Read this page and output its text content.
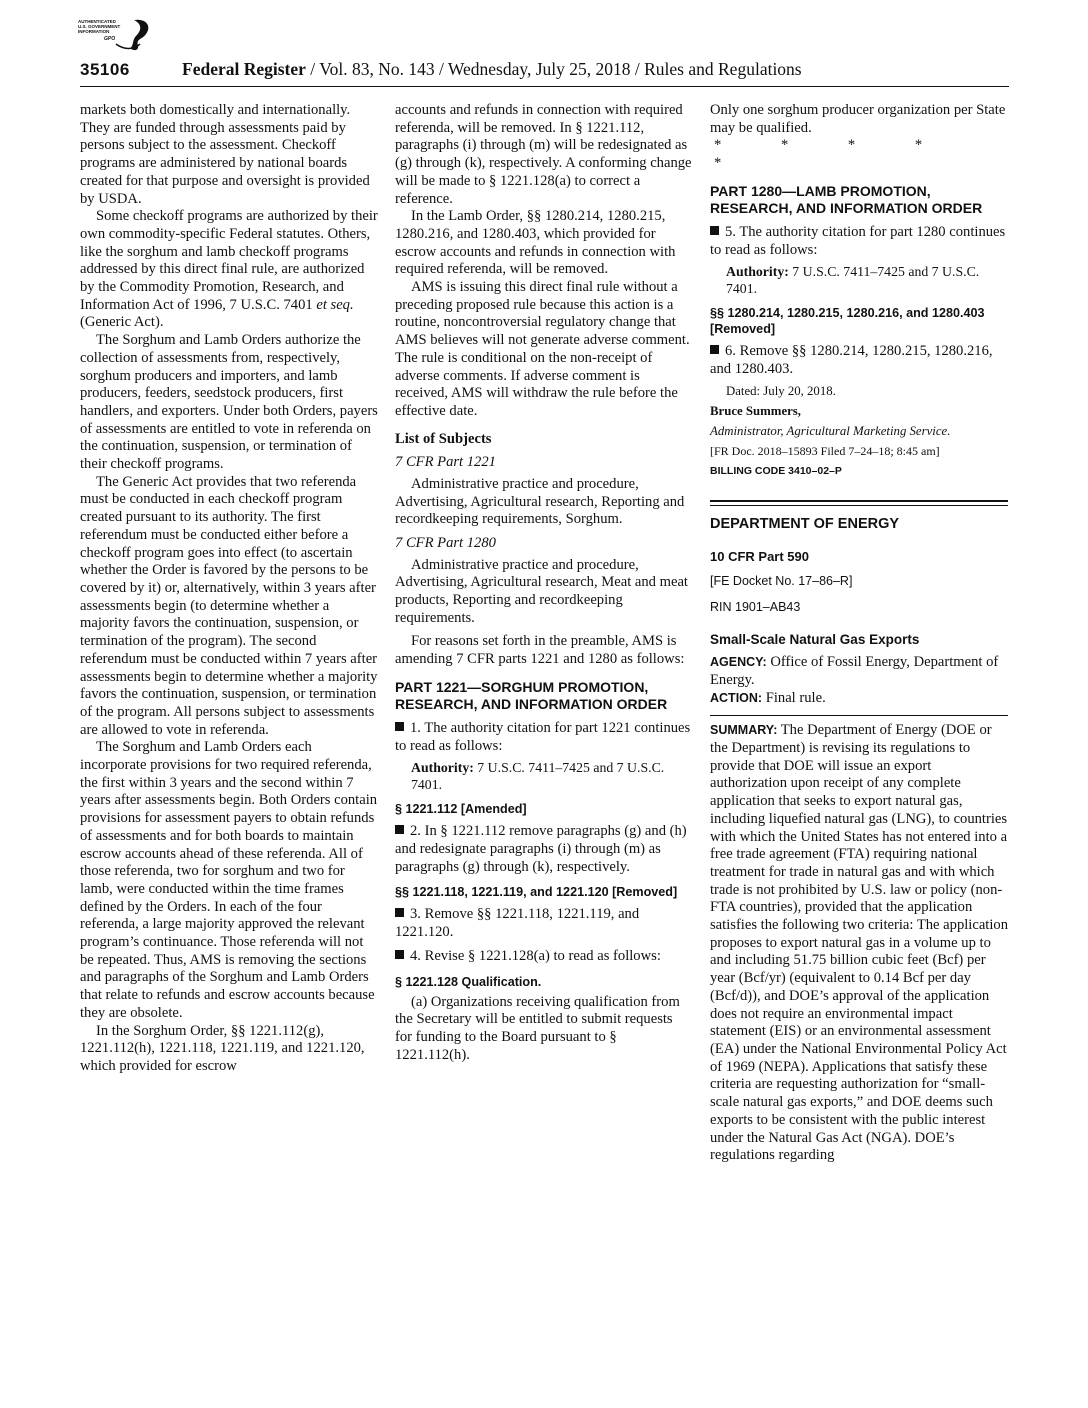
AUTHENTICATED
U.S. GOVERNMENT
INFORMATION
GPO
35106	Federal Register / Vol. 83, No. 143 / Wednesday, July 25, 2018 / Rules and Regulations

markets both domestically and internationally. They are funded through assessments paid by persons subject to the assessment. Checkoff programs are administered by national boards created for that purpose and oversight is provided by USDA.

Some checkoff programs are authorized by their own commodity-specific Federal statutes. Others, like the sorghum and lamb checkoff programs addressed by this direct final rule, are authorized by the Commodity Promotion, Research, and Information Act of 1996, 7 U.S.C. 7401 et seq. (Generic Act).

The Sorghum and Lamb Orders authorize the collection of assessments from, respectively, sorghum producers and importers, and lamb producers, feeders, seedstock producers, first handlers, and exporters. Under both Orders, payers of assessments are entitled to vote in referenda on the continuation, suspension, or termination of their checkoff programs.

The Generic Act provides that two referenda must be conducted in each checkoff program created pursuant to its authority. The first referendum must be conducted either before a checkoff program goes into effect (to ascertain whether the Order is favored by the persons to be covered by it) or, alternatively, within 3 years after assessments begin (to determine whether a majority favors the continuation, suspension, or termination of the program). The second referendum must be conducted within 7 years after assessments begin to determine whether a majority favors the continuation, suspension, or termination of the program. All persons subject to assessments are allowed to vote in referenda.

The Sorghum and Lamb Orders each incorporate provisions for two required referenda, the first within 3 years and the second within 7 years after assessments begin. Both Orders contain provisions for assessment payers to obtain refunds of assessments and for both boards to maintain escrow accounts ahead of these referenda. All of those referenda, two for sorghum and two for lamb, were conducted within the time frames defined by the Orders. In each of the four referenda, a large majority approved the relevant program’s continuance. Those referenda will not be repeated. Thus, AMS is removing the sections and paragraphs of the Sorghum and Lamb Orders that relate to refunds and escrow accounts because they are obsolete.

In the Sorghum Order, §§ 1221.112(g), 1221.112(h), 1221.118, 1221.119, and 1221.120, which provided for escrow

accounts and refunds in connection with required referenda, will be removed. In § 1221.112, paragraphs (i) through (m) will be redesignated as (g) through (k), respectively. A conforming change will be made to § 1221.128(a) to correct a reference.

In the Lamb Order, §§ 1280.214, 1280.215, 1280.216, and 1280.403, which provided for escrow accounts and refunds in connection with required referenda, will be removed.

AMS is issuing this direct final rule without a preceding proposed rule because this action is a routine, noncontroversial regulatory change that AMS believes will not generate adverse comment. The rule is conditional on the non-receipt of adverse comments. If adverse comment is received, AMS will withdraw the rule before the effective date.

List of Subjects

7 CFR Part 1221

Administrative practice and procedure, Advertising, Agricultural research, Reporting and recordkeeping requirements, Sorghum.

7 CFR Part 1280

Administrative practice and procedure, Advertising, Agricultural research, Meat and meat products, Reporting and recordkeeping requirements.

For reasons set forth in the preamble, AMS is amending 7 CFR parts 1221 and 1280 as follows:

PART 1221—SORGHUM PROMOTION, RESEARCH, AND INFORMATION ORDER

1. The authority citation for part 1221 continues to read as follows:

Authority: 7 U.S.C. 7411–7425 and 7 U.S.C. 7401.

§ 1221.112 [Amended]

2. In § 1221.112 remove paragraphs (g) and (h) and redesignate paragraphs (i) through (m) as paragraphs (g) through (k), respectively.

§§ 1221.118, 1221.119, and 1221.120 [Removed]

3. Remove §§ 1221.118, 1221.119, and 1221.120.

4. Revise § 1221.128(a) to read as follows:

§ 1221.128 Qualification.

(a) Organizations receiving qualification from the Secretary will be entitled to submit requests for funding to the Board pursuant to § 1221.112(h).

Only one sorghum producer organization per State may be qualified.

* * * * *

PART 1280—LAMB PROMOTION, RESEARCH, AND INFORMATION ORDER

5. The authority citation for part 1280 continues to read as follows:

Authority: 7 U.S.C. 7411–7425 and 7 U.S.C. 7401.

§§ 1280.214, 1280.215, 1280.216, and 1280.403 [Removed]

6. Remove §§ 1280.214, 1280.215, 1280.216, and 1280.403.

Dated: July 20, 2018.

Bruce Summers,

Administrator, Agricultural Marketing Service.

[FR Doc. 2018–15893 Filed 7–24–18; 8:45 am]

BILLING CODE 3410–02–P

DEPARTMENT OF ENERGY

10 CFR Part 590

[FE Docket No. 17–86–R]

RIN 1901–AB43

Small-Scale Natural Gas Exports

AGENCY: Office of Fossil Energy, Department of Energy.

ACTION: Final rule.

SUMMARY: The Department of Energy (DOE or the Department) is revising its regulations to provide that DOE will issue an export authorization upon receipt of any complete application that seeks to export natural gas, including liquefied natural gas (LNG), to countries with which the United States has not entered into a free trade agreement (FTA) requiring national treatment for trade in natural gas and with which trade is not prohibited by U.S. law or policy (non-FTA countries), provided that the application satisfies the following two criteria: The application proposes to export natural gas in a volume up to and including 51.75 billion cubic feet (Bcf) per year (Bcf/yr) (equivalent to 0.14 Bcf per day (Bcf/d)), and DOE’s approval of the application does not require an environmental impact statement (EIS) or an environmental assessment (EA) under the National Environmental Policy Act of 1969 (NEPA). Applications that satisfy these criteria are requesting authorization for “small-scale natural gas exports,” and DOE deems such exports to be consistent with the public interest under the Natural Gas Act (NGA). DOE’s regulations regarding
